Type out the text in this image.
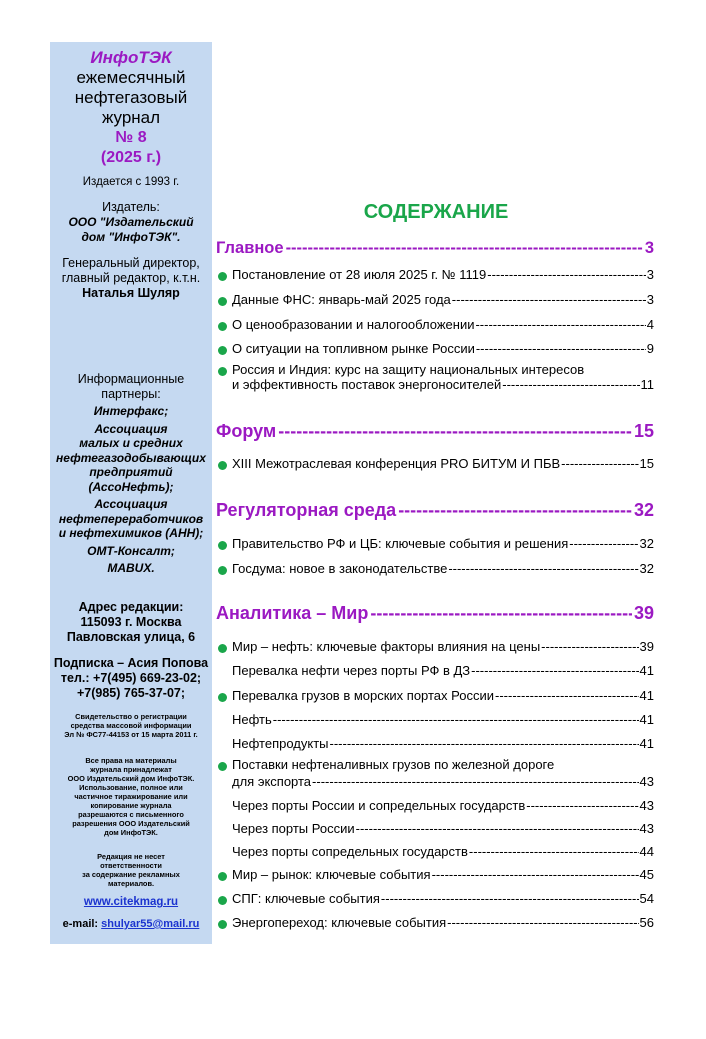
ИнфоТЭК
ежемесячный
нефтегазовый
журнал
№ 8
(2025 г.)
Издается с 1993 г.
Издатель:
ООО "Издательский
дом "ИнфоТЭК".
Генеральный директор,
главный редактор, к.т.н.
Наталья Шуляр
Информационные
партнеры:
Интерфакс;
Ассоциация
малых и средних
нефтегазодобывающих
предприятий
(АссоНефть);
Ассоциация
нефтепереработчиков
и нефтехимиков (АНН);
ОМТ-Консалт;
MABUX.
Адрес редакции:
115093 г. Москва
Павловская улица, 6
Подписка – Асия Попова
тел.: +7(495) 669-23-02;
+7(985) 765-37-07;
Свидетельство о регистрации
средства массовой информации
Эл № ФС77-44153 от 15 марта 2011 г.
Все права на материалы
журнала принадлежат
ООО Издательский дом ИнфоТЭК.
Использование, полное или
частичное тиражирование или
копирование журнала
разрешаются с письменного
разрешения ООО Издательский
дом ИнфоТЭК.
Редакция не несет
ответственности
за содержание рекламных
материалов.
www.citekmag.ru
e-mail: shulyar55@mail.ru
СОДЕРЖАНИЕ
Главное -----	3
Постановление от 28 июля 2025 г. № 1119 -----	3
Данные ФНС: январь-май 2025 года -----	3
О ценообразовании и налогообложении -----	4
О ситуации на топливном рынке России -----	9
Россия и Индия: курс на защиту национальных интересов
и эффективность поставок энергоносителей -----	11
Форум -----	15
XIII Межотраслевая конференция PRO БИТУМ И ПБВ -----	15
Регуляторная среда -----	32
Правительство РФ и ЦБ: ключевые события и решения -----	32
Госдума: новое в законодательстве -----	32
Аналитика – Мир -----	39
Мир – нефть: ключевые факторы влияния на цены -----	39
Перевалка нефти через порты РФ в ДЗ -----	41
Перевалка грузов в морских портах России -----	41
Нефть -----	41
Нефтепродукты -----	41
Поставки нефтеналивных грузов по железной дороге
для экспорта -----	43
Через порты России и сопредельных государств -----	43
Через порты России -----	43
Через порты сопредельных государств -----	44
Мир – рынок: ключевые события -----	45
СПГ: ключевые события -----	54
Энергопереход: ключевые события -----	56
